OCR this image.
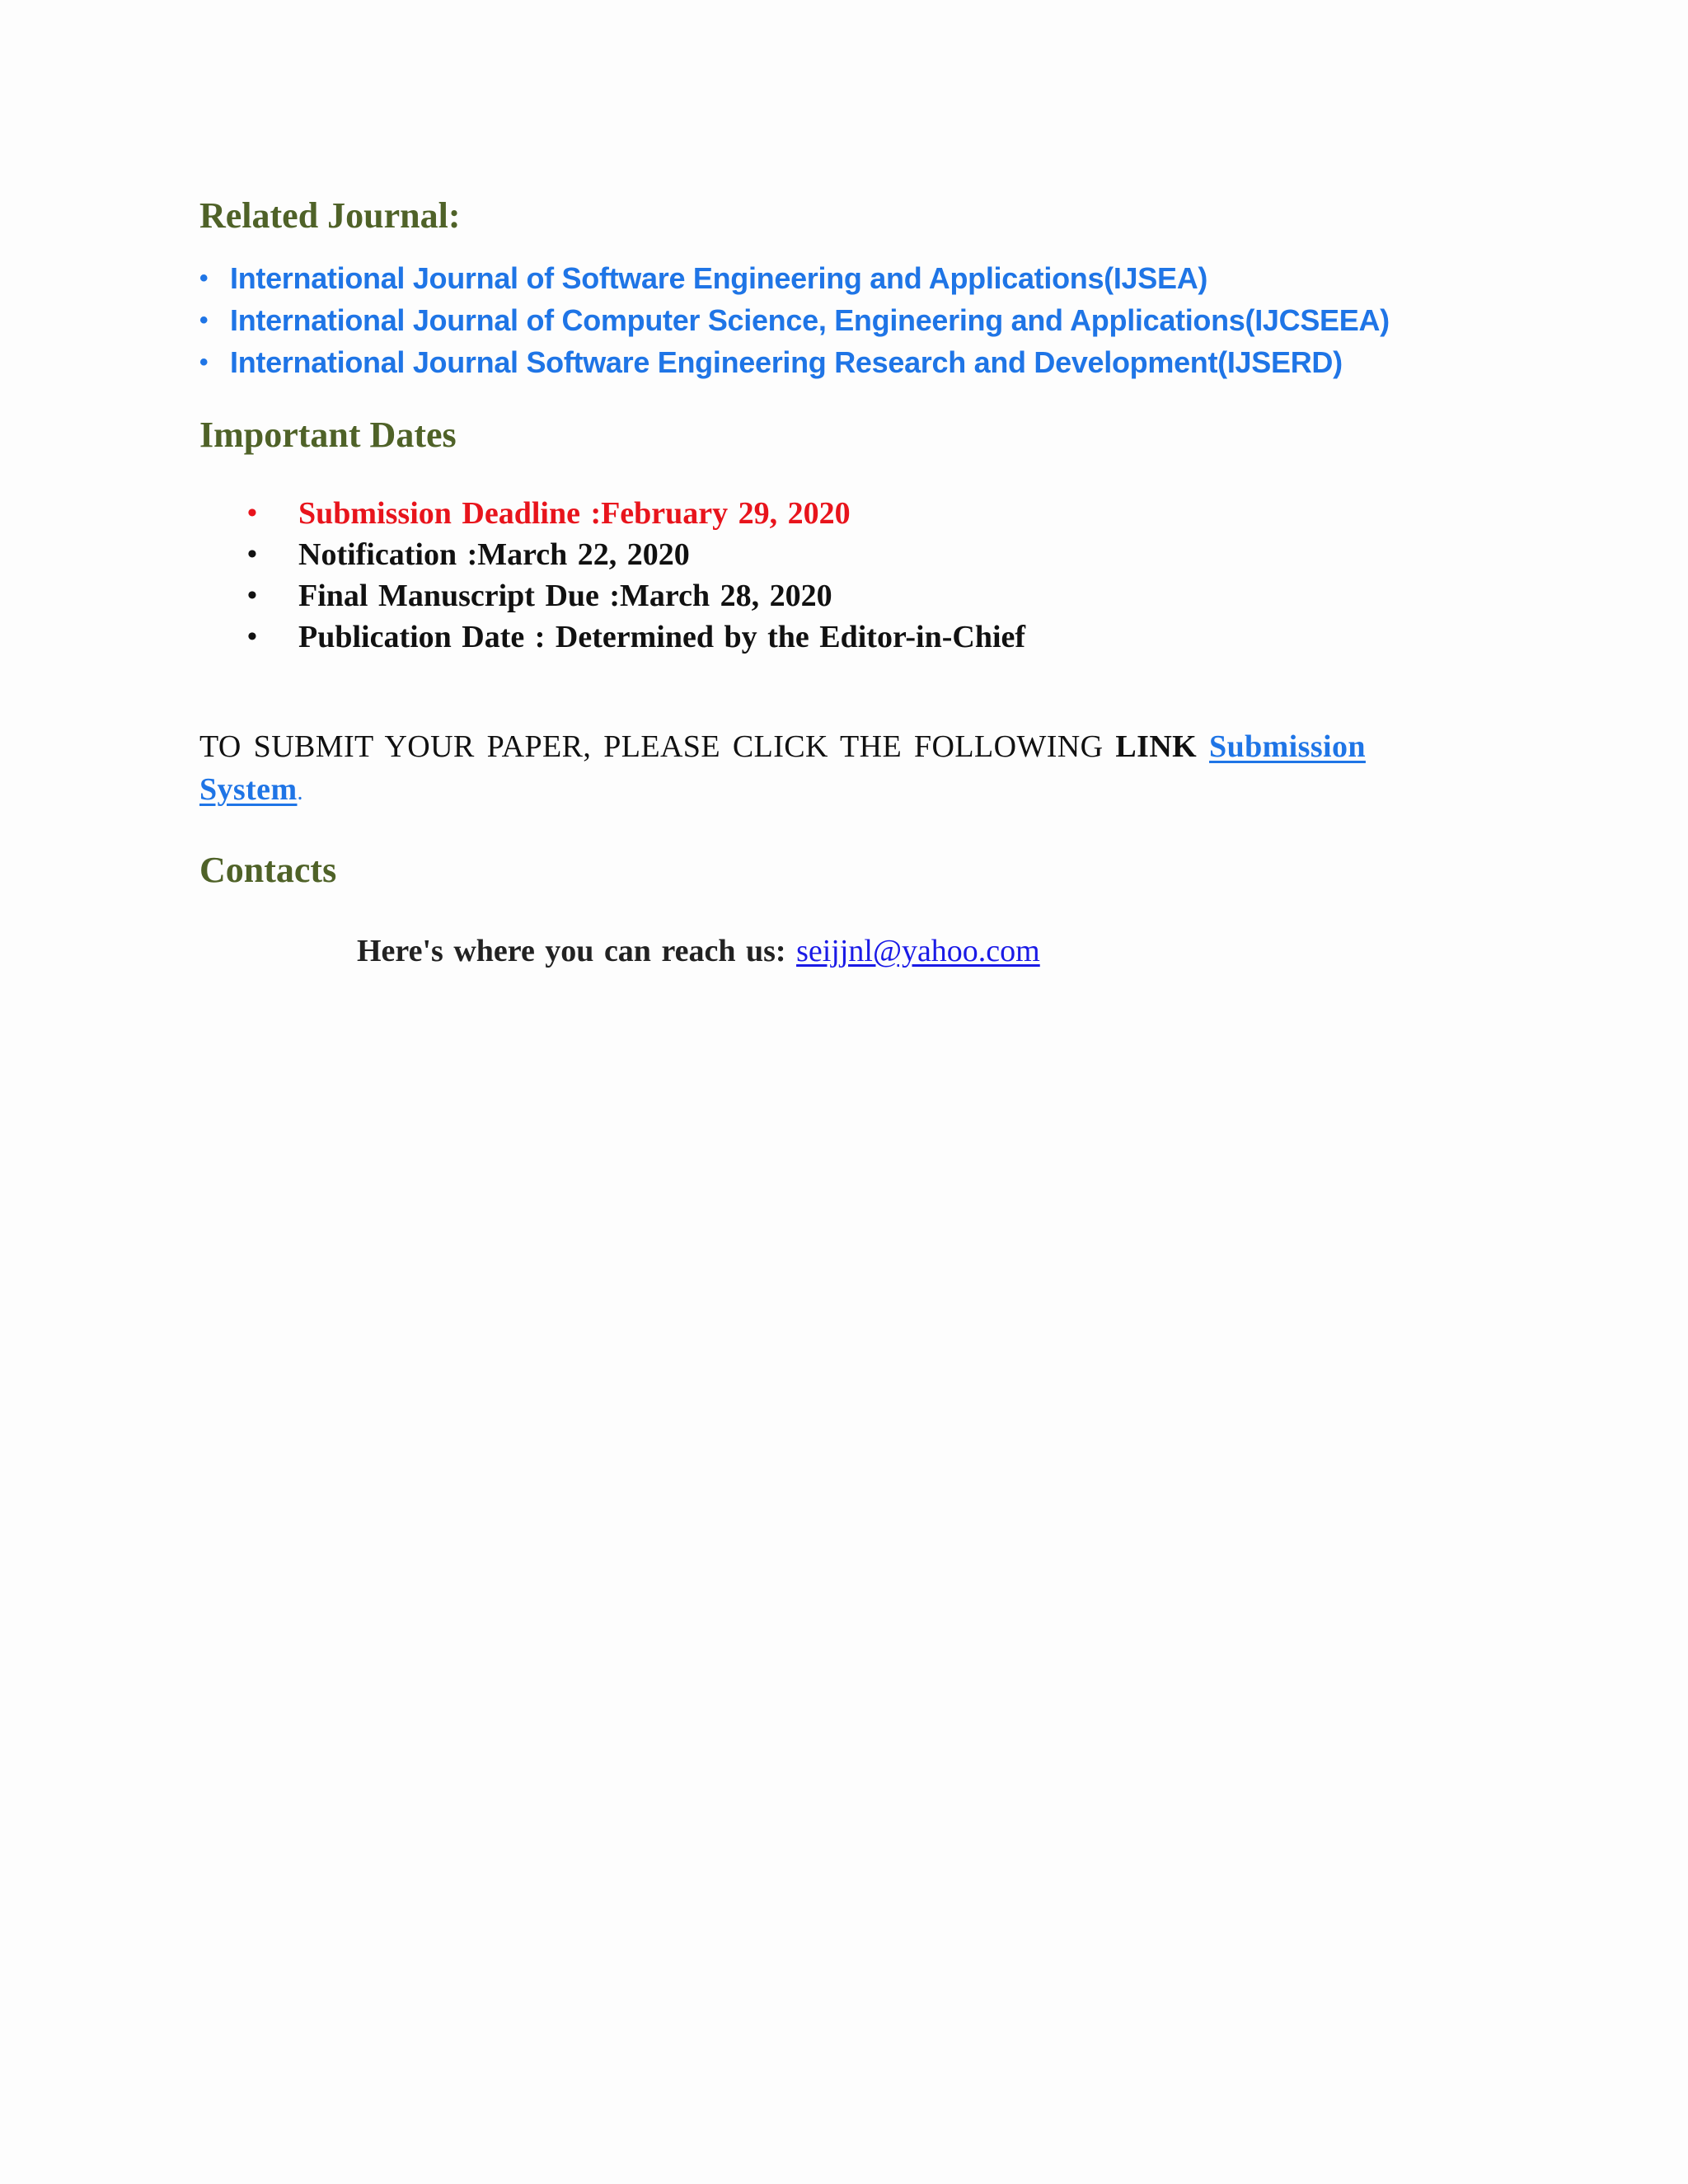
Related Journal:
• International Journal of Software Engineering and Applications(IJSEA)
• International Journal of Computer Science, Engineering and Applications(IJCSEEA)
• International Journal Software Engineering Research and Development(IJSERD)
Important Dates
• Submission Deadline :February 29, 2020
• Notification :March 22, 2020
• Final Manuscript Due :March 28, 2020
• Publication Date : Determined by the Editor-in-Chief

TO SUBMIT YOUR PAPER, PLEASE CLICK THE FOLLOWING LINK Submission System.

Contacts

Here's where you can reach us: seijjnl@yahoo.com
